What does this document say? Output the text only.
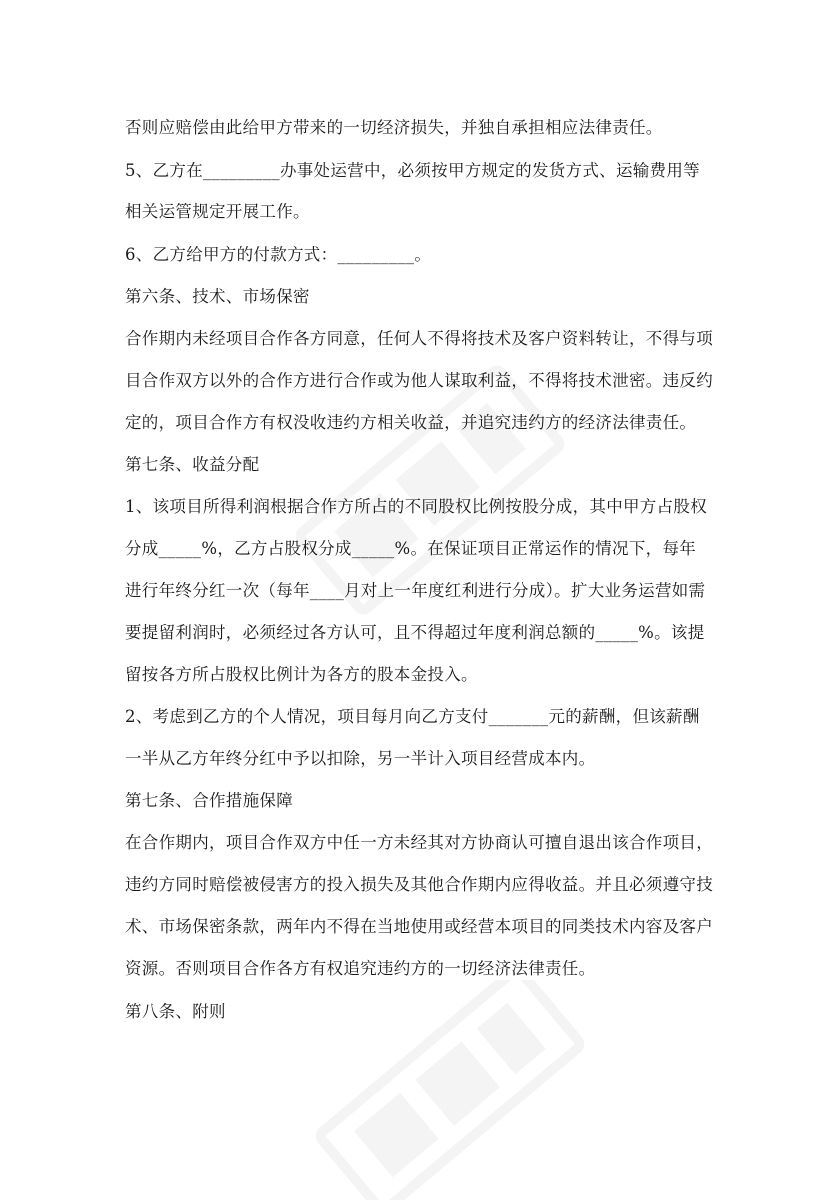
否则应赔偿由此给甲方带来的一切经济损失，并独自承担相应法律责任。
5、乙方在_________办事处运营中，必须按甲方规定的发货方式、运输费用等
相关运管规定开展工作。
6、乙方给甲方的付款方式：_________。
第六条、技术、市场保密
合作期内未经项目合作各方同意，任何人不得将技术及客户资料转让，不得与项
目合作双方以外的合作方进行合作或为他人谋取利益，不得将技术泄密。违反约
定的，项目合作方有权没收违约方相关收益，并追究违约方的经济法律责任。
第七条、收益分配
1、该项目所得利润根据合作方所占的不同股权比例按股分成，其中甲方占股权
分成_____%，乙方占股权分成_____%。在保证项目正常运作的情况下，每年
进行年终分红一次（每年____月对上一年度红利进行分成）。扩大业务运营如需
要提留利润时，必须经过各方认可，且不得超过年度利润总额的_____%。该提
留按各方所占股权比例计为各方的股本金投入。
2、考虑到乙方的个人情况，项目每月向乙方支付_______元的薪酬，但该薪酬
一半从乙方年终分红中予以扣除，另一半计入项目经营成本内。
第七条、合作措施保障
在合作期内，项目合作双方中任一方未经其对方协商认可擅自退出该合作项目，
违约方同时赔偿被侵害方的投入损失及其他合作期内应得收益。并且必须遵守技
术、市场保密条款，两年内不得在当地使用或经营本项目的同类技术内容及客户
资源。否则项目合作各方有权追究违约方的一切经济法律责任。
第八条、附则
